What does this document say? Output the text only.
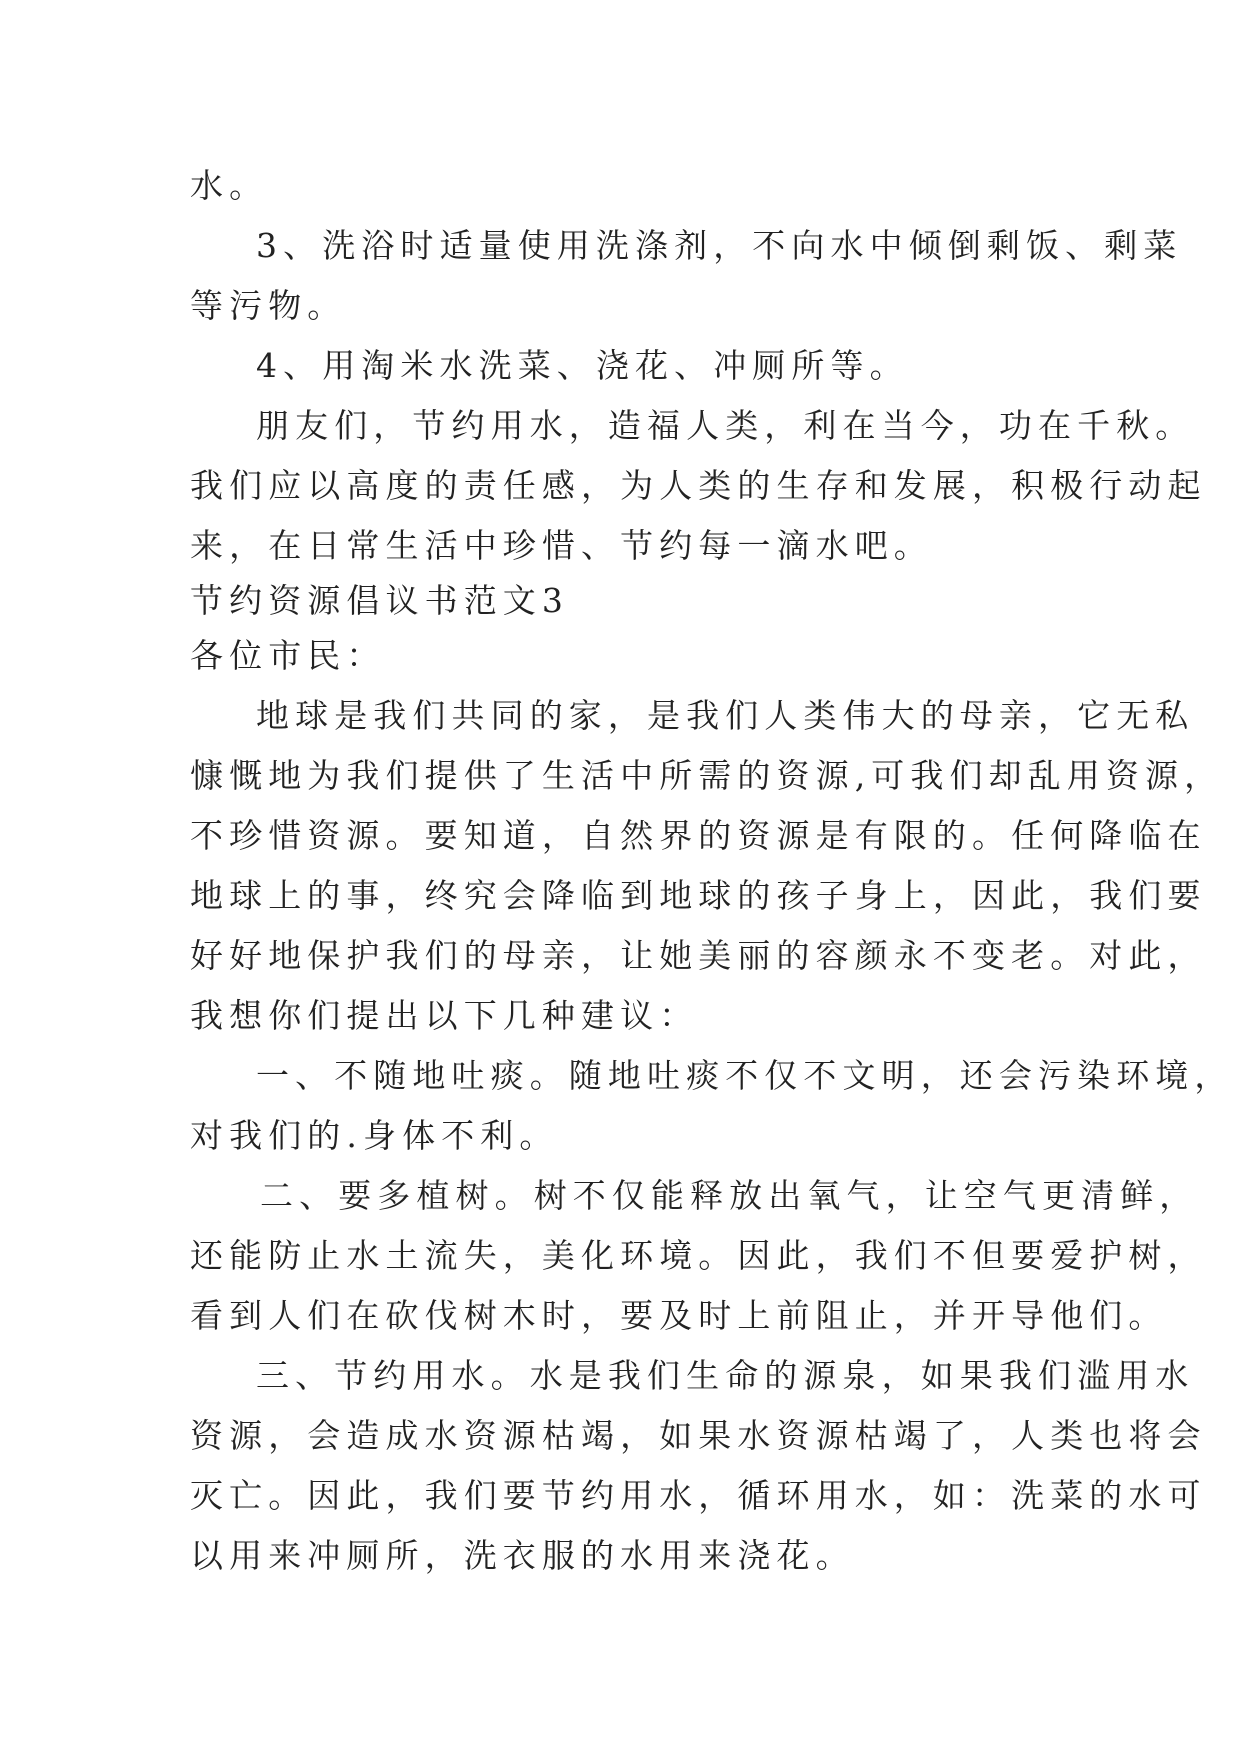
水。
3、洗浴时适量使用洗涤剂，不向水中倾倒剩饭、剩菜
等污物。
4、用淘米水洗菜、浇花、冲厕所等。
朋友们，节约用水，造福人类，利在当今，功在千秋。
我们应以高度的责任感，为人类的生存和发展，积极行动起
来，在日常生活中珍惜、节约每一滴水吧。
节约资源倡议书范文3
各位市民：
地球是我们共同的家，是我们人类伟大的母亲，它无私
慷慨地为我们提供了生活中所需的资源,可我们却乱用资源，
不珍惜资源。要知道，自然界的资源是有限的。任何降临在
地球上的事，终究会降临到地球的孩子身上，因此，我们要
好好地保护我们的母亲，让她美丽的容颜永不变老。对此，
我想你们提出以下几种建议：
一、不随地吐痰。随地吐痰不仅不文明，还会污染环境，
对我们的.身体不利。
二、要多植树。树不仅能释放出氧气，让空气更清鲜，
还能防止水土流失，美化环境。因此，我们不但要爱护树，
看到人们在砍伐树木时，要及时上前阻止，并开导他们。
三、节约用水。水是我们生命的源泉，如果我们滥用水
资源，会造成水资源枯竭，如果水资源枯竭了，人类也将会
灭亡。因此，我们要节约用水，循环用水，如：洗菜的水可
以用来冲厕所，洗衣服的水用来浇花。
